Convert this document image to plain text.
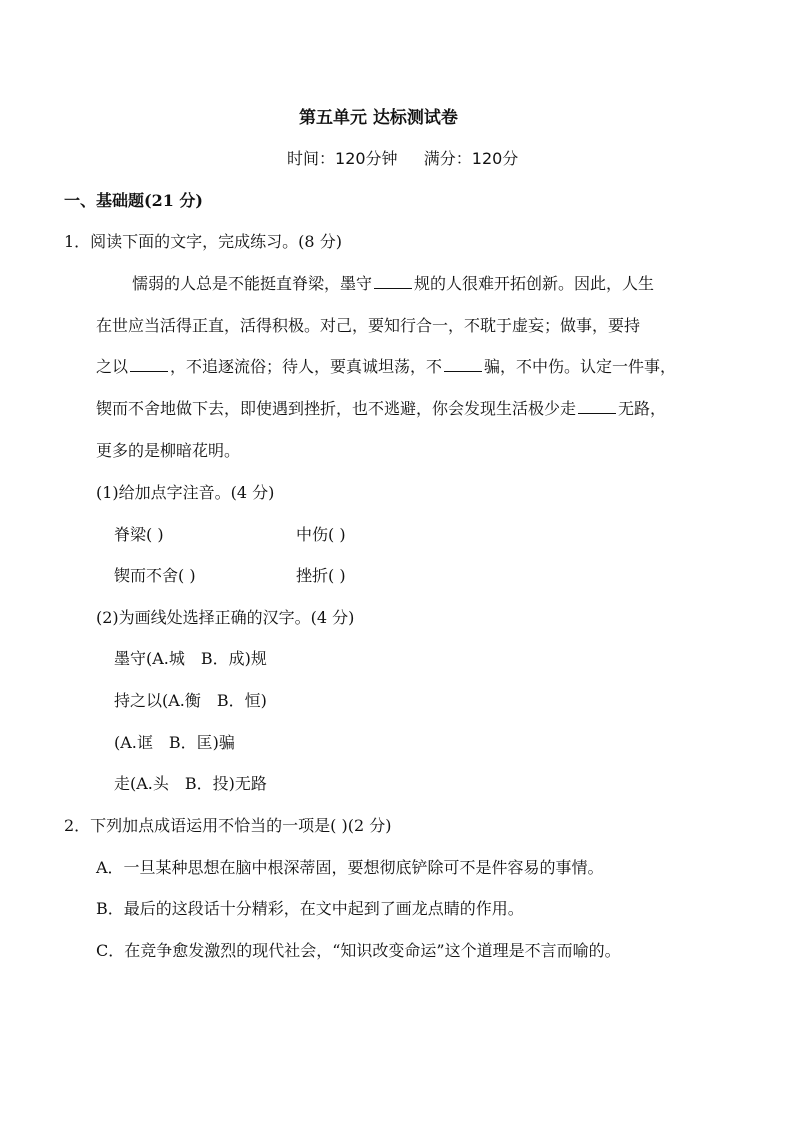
第五单元 达标测试卷
时间：120分钟 满分：120分
一、基础题(21 分)
1．阅读下面的文字，完成练习。(8 分)
懦弱的人总是不能挺直脊梁，墨守	规的人很难开拓创新。因此，人生
在世应当活得正直，活得积极。对己，要知行合一，不耽于虚妄；做事，要持
之以	，不追逐流俗；待人，要真诚坦荡，不	骗，不中伤。认定一件事，
锲而不舍地做下去，即使遇到挫折，也不逃避，你会发现生活极少走	无路，
更多的是柳暗花明。
(1)给加点字注音。(4 分)
脊梁( )	中伤( )
锲而不舍( )	挫折( )
(2)为画线处选择正确的汉字。(4 分)
墨守(A.城　B．成)规
持之以(A.衡　B．恒)
(A.诓　B．匡)骗
走(A.头　B．投)无路
2．下列加点成语运用不恰当的一项是( )(2 分)
A．一旦某种思想在脑中根深蒂固，要想彻底铲除可不是件容易的事情。
B．最后的这段话十分精彩，在文中起到了画龙点睛的作用。
C．在竞争愈发激烈的现代社会，“知识改变命运”这个道理是不言而喻的。
